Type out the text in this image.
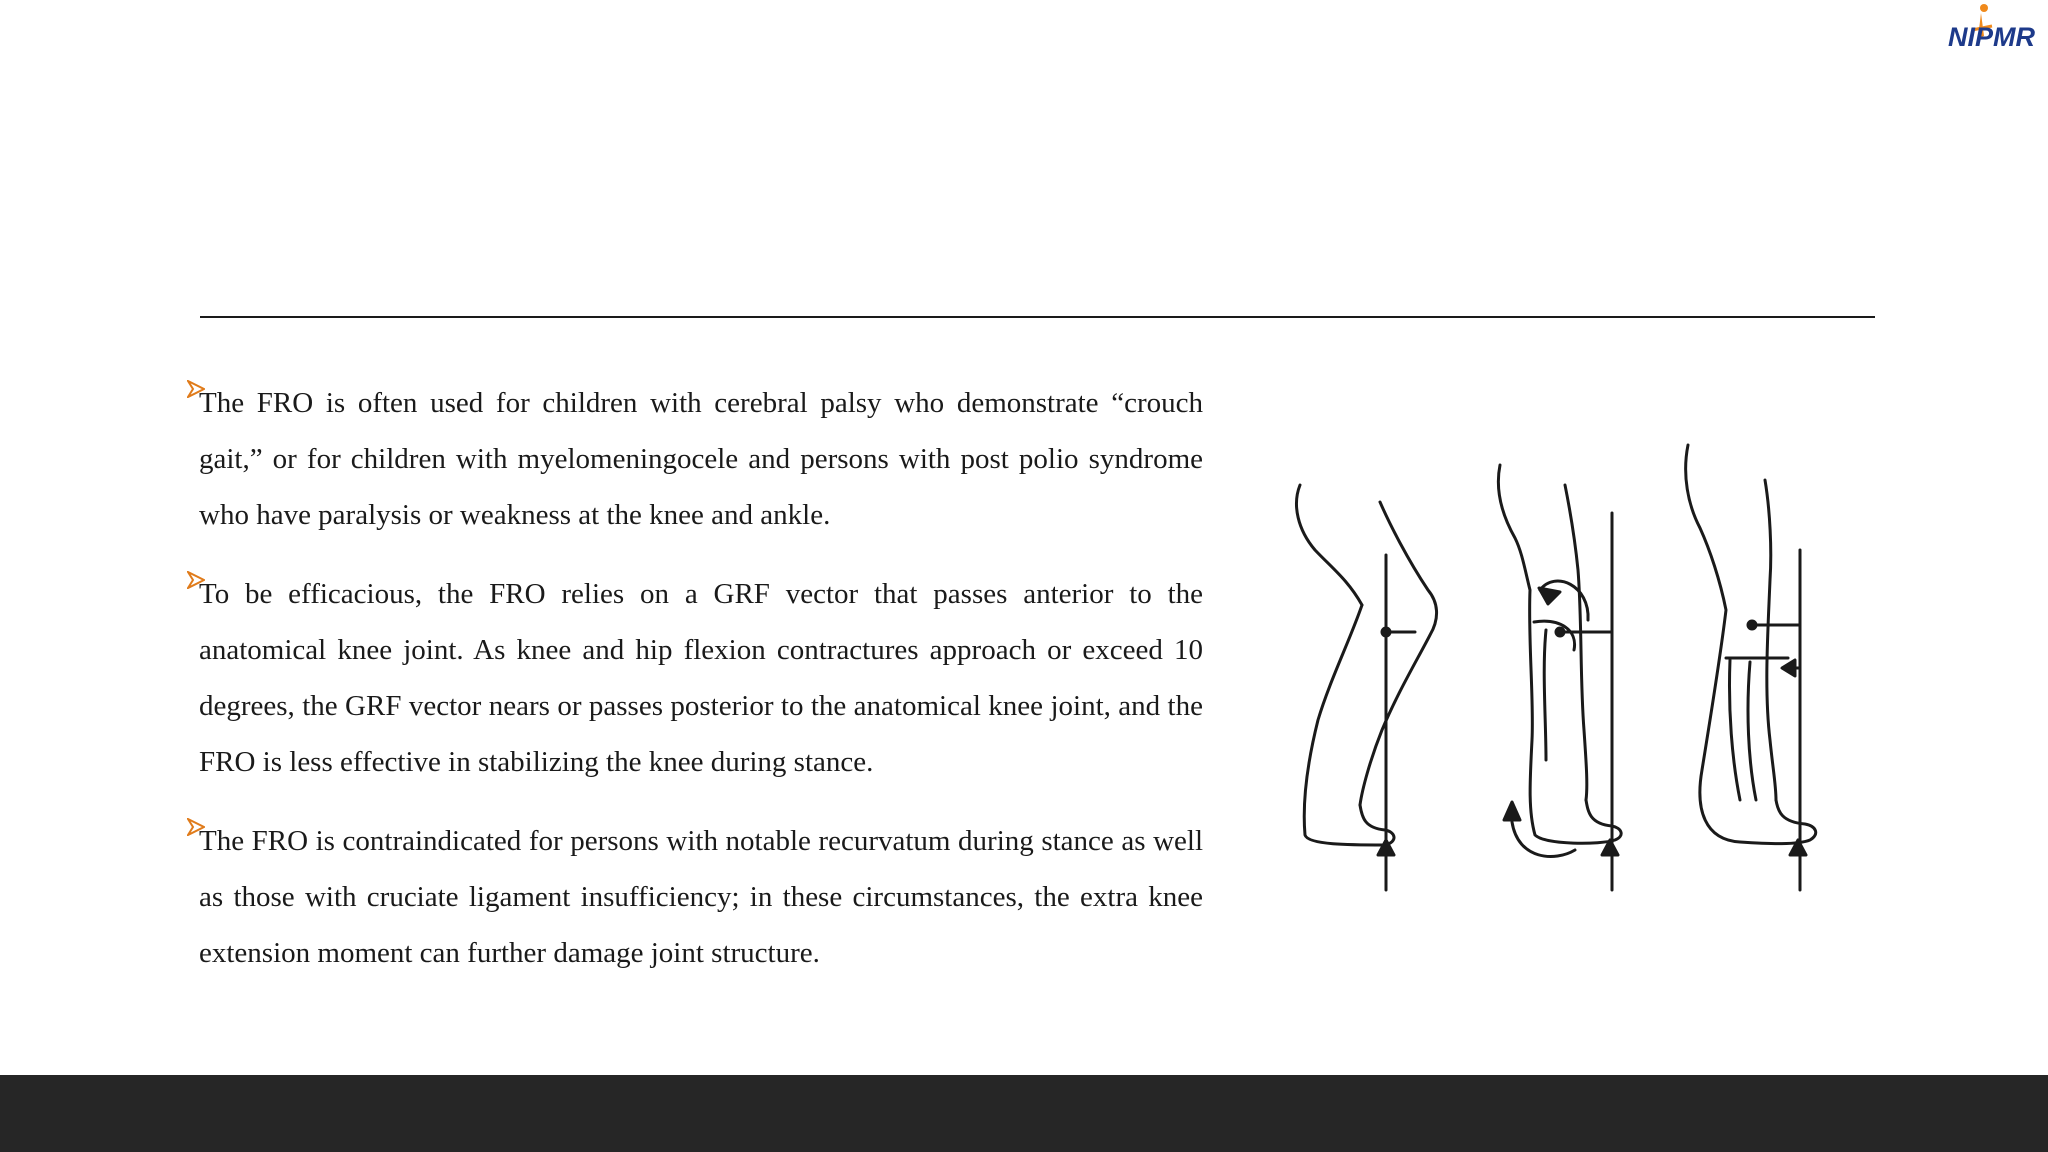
NIPMR
The FRO is often used for children with cerebral palsy who demonstrate “crouch gait,” or for children with myelomeningocele and persons with post polio syndrome who have paralysis or weakness at the knee and ankle.
To be efficacious, the FRO relies on a GRF vector that passes anterior to the anatomical knee joint. As knee and hip flexion contractures approach or exceed 10 degrees, the GRF vector nears or passes posterior to the anatomical knee joint, and the FRO is less effective in stabilizing the knee during stance.
The FRO is contraindicated for persons with notable recurvatum during stance as well as those with cruciate ligament insufficiency; in these circumstances, the extra knee extension moment can further damage joint structure.
